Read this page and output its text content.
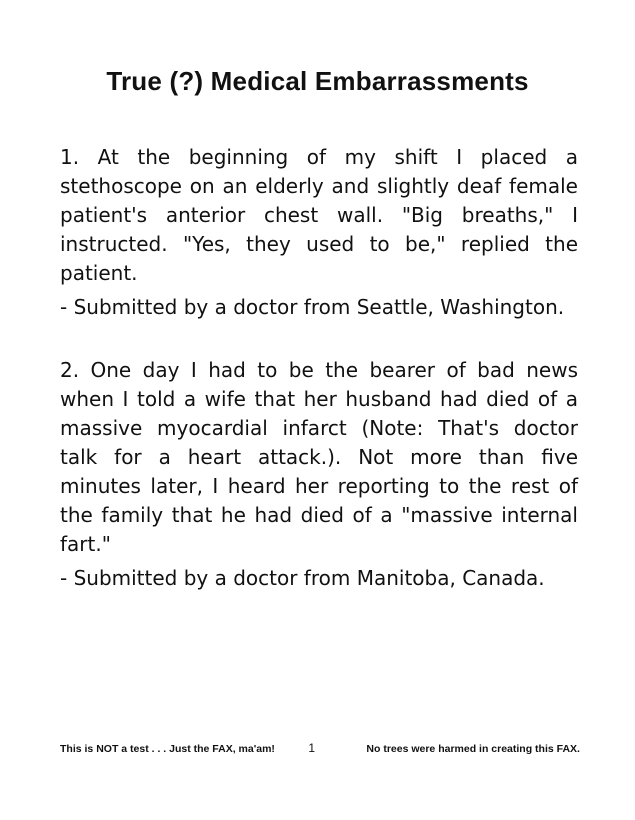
True (?) Medical Embarrassments

1. At the beginning of my shift I placed a stethoscope on an elderly and slightly deaf female patient's anterior chest wall. "Big breaths," I instructed. "Yes, they used to be," replied the patient.

- Submitted by a doctor from Seattle, Washington.

2. One day I had to be the bearer of bad news when I told a wife that her husband had died of a massive myocardial infarct (Note: That's doctor talk for a heart attack.). Not more than five minutes later, I heard her reporting to the rest of the family that he had died of a "massive internal fart."

- Submitted by a doctor from Manitoba, Canada.

This is NOT a test . . . Just the FAX, ma'am!	1	No trees were harmed in creating this FAX.
